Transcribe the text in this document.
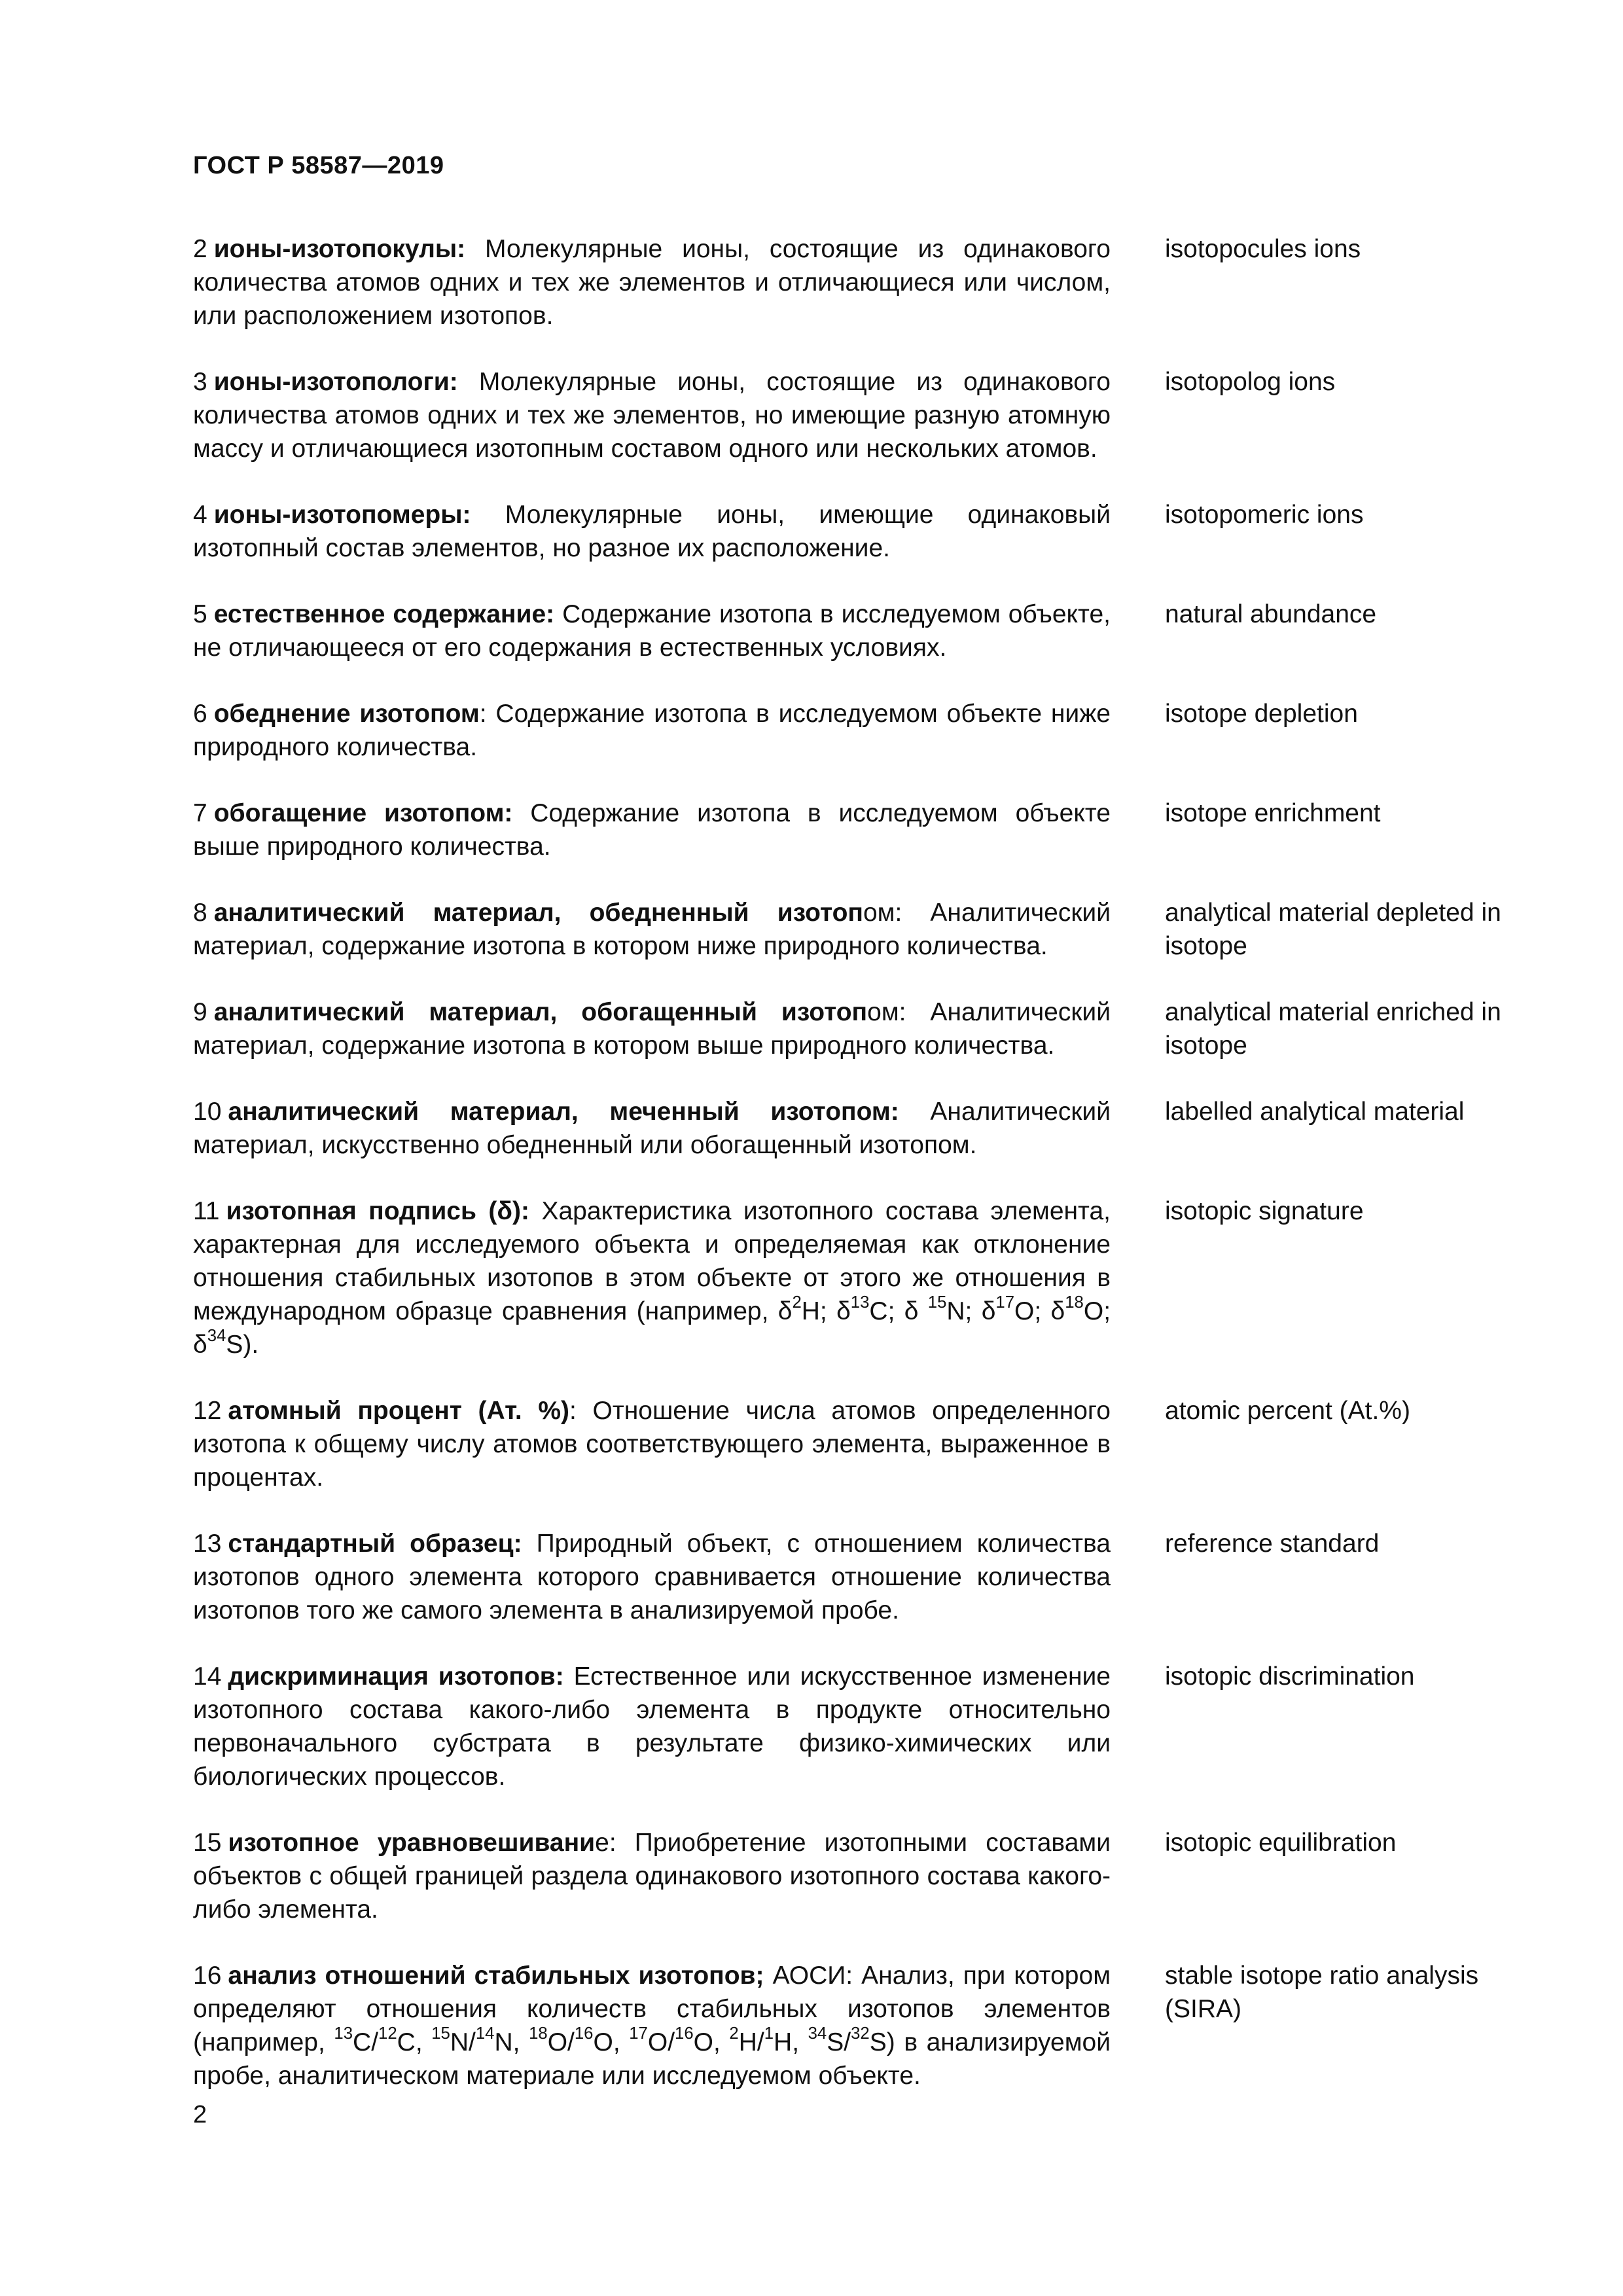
ГОСТ Р 58587—2019
2 ионы-изотопокулы: Молекулярные ионы, состоящие из одинакового количества атомов одних и тех же элементов и отличающиеся или числом, или расположением изотопов.
isotopocules ions
3 ионы-изотопологи: Молекулярные ионы, состоящие из одинакового количества атомов одних и тех же элементов, но имеющие разную атомную массу и отличающиеся изотопным составом одного или нескольких атомов.
isotopolog ions
4 ионы-изотопомеры: Молекулярные ионы, имеющие одинаковый изотопный состав элементов, но разное их расположение.
isotopomeric ions
5 естественное содержание: Содержание изотопа в исследуемом объекте, не отличающееся от его содержания в естественных условиях.
natural abundance
6 обеднение изотопом: Содержание изотопа в исследуемом объекте ниже природного количества.
isotope depletion
7 обогащение изотопом: Содержание изотопа в исследуемом объекте выше природного количества.
isotope enrichment
8 аналитический материал, обедненный изотопом: Аналитический материал, содержание изотопа в котором ниже природного количества.
analytical material depleted in isotope
9 аналитический материал, обогащенный изотопом: Аналитический материал, содержание изотопа в котором выше природного количества.
analytical material enriched in isotope
10 аналитический материал, меченный изотопом: Аналитический материал, искусственно обедненный или обогащенный изотопом.
labelled analytical material
11 изотопная подпись (δ): Характеристика изотопного состава элемента, характерная для исследуемого объекта и определяемая как отклонение отношения стабильных изотопов в этом объекте от этого же отношения в международном образце сравнения (например, $\delta^2H$; $\delta^{13}C$; δ $^{15}$N; $\delta^{17}O$; $\delta^{18}O$; $\delta^{34}S$).
isotopic signature
12 атомный процент (Ат. %): Отношение числа атомов определенного изотопа к общему числу атомов соответствующего элемента, выраженное в процентах.
atomic percent (At.%)
13 стандартный образец: Природный объект, с отношением количества изотопов одного элемента которого сравнивается отношение количества изотопов того же самого элемента в анализируемой пробе.
reference standard
14 дискриминация изотопов: Естественное или искусственное изменение изотопного состава какого-либо элемента в продукте относительно первоначального субстрата в результате физико-химических или биологических процессов.
isotopic discrimination
15 изотопное уравновешивание: Приобретение изотопными составами объектов с общей границей раздела одинакового изотопного состава какого-либо элемента.
isotopic equilibration
16 анализ отношений стабильных изотопов; АОСИ: Анализ, при котором определяют отношения количеств стабильных изотопов элементов (например, $^{13}$C/$^{12}$C, $^{15}$N/$^{14}$N, $^{18}$O/$^{16}$O, $^{17}$O/$^{16}$O, $^2$H/$^1$H, $^{34}$S/$^{32}$S) в анализируемой пробе, аналитическом материале или исследуемом объекте.
stable isotope ratio analysis (SIRA)
2
